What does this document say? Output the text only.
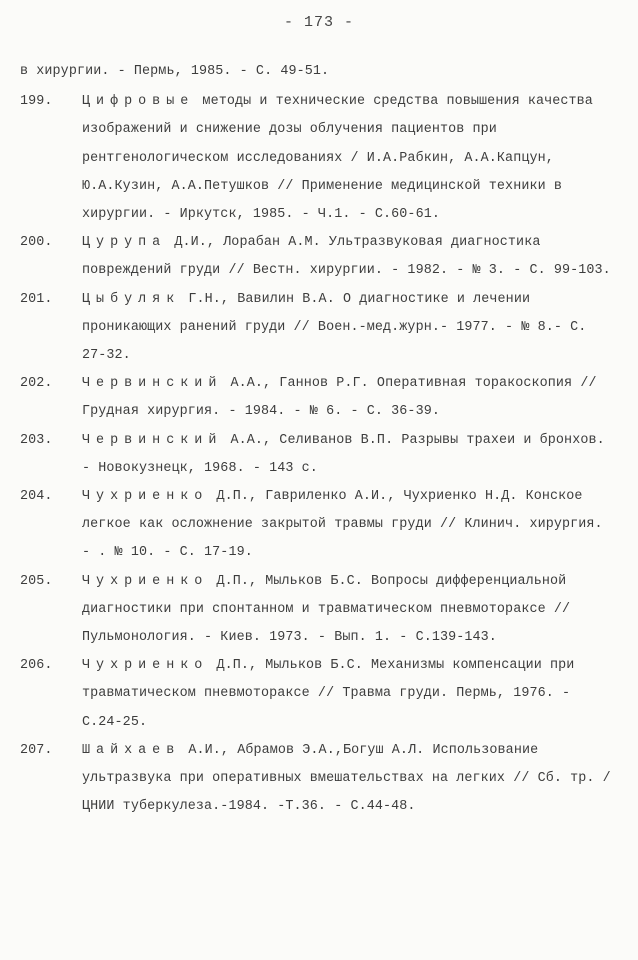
- 173 -
в хирургии. - Пермь, 1985. - С. 49-51.
199.	Цифровые методы и технические средства повышения качества изображений и снижение дозы облучения пациентов при рентгенологическом исследованиях / И.А.Рабкин, А.А.Капцун, Ю.А.Кузин, А.А.Петушков // Применение медицинской техники в хирургии. - Иркутск, 1985. - Ч.1. - С.60-61.
200.	Цурупа Д.И., Лорабан А.М. Ультразвуковая диагностика повреждений груди // Вестн. хирургии. - 1982. - № 3. - С. 99-103.
201.	Цыбуляк Г.Н., Вавилин В.А. О диагностике и лечении проникающих ранений груди // Воен.-мед.журн.- 1977. - № 8.- С. 27-32.
202.	Червинский А.А., Ганнов Р.Г. Оперативная торакоскопия // Грудная хирургия. - 1984. - № 6. - С. 36-39.
203.	Червинский А.А., Селиванов В.П. Разрывы трахеи и бронхов. - Новокузнецк, 1968. - 143 с.
204.	Чухриенко Д.П., Гавриленко А.И., Чухриенко Н.Д. Конское легкое как осложнение закрытой травмы груди // Клинич. хирургия. - . № 10. - С. 17-19.
205.	Чухриенко Д.П., Мыльков Б.С. Вопросы дифференциальной диагностики при спонтанном и травматическом пневмотораксе // Пульмонология. - Киев. 1973. - Вып. 1. - С.139-143.
206.	Чухриенко Д.П., Мыльков Б.С. Механизмы компенсации при травматическом пневмотораксе // Травма груди. Пермь, 1976. - С.24-25.
207.	Шайхаев А.И., Абрамов Э.А.,Богуш А.Л. Использование ультразвука при оперативных вмешательствах на легких // Сб. тр. / ЦНИИ туберкулеза.-1984. -Т.36. - С.44-48.
